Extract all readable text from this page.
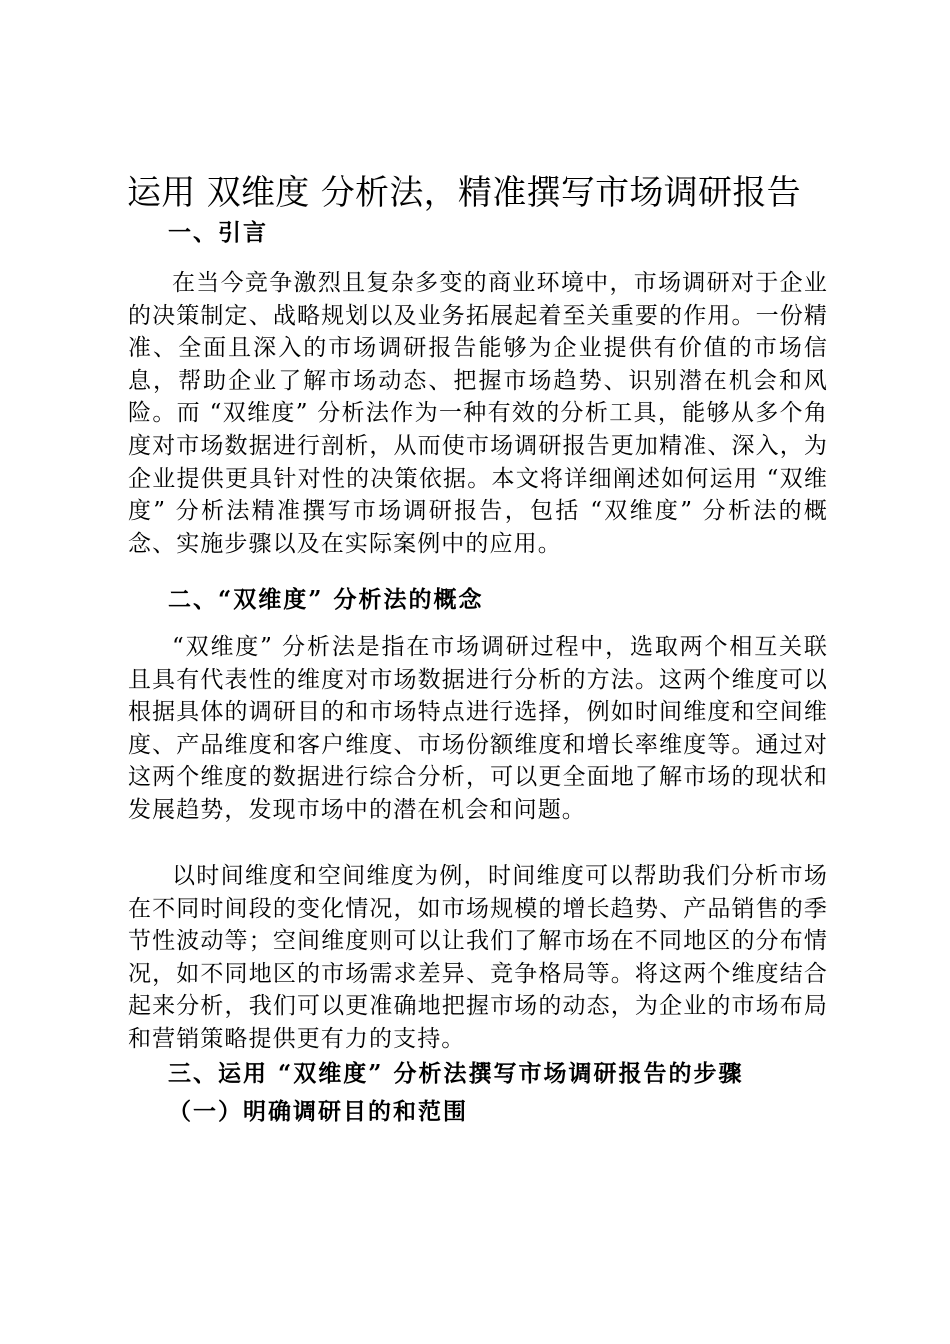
运用 双维度 分析法，精准撰写市场调研报告
一、引言

在当今竞争激烈且复杂多变的商业环境中，市场调研对于企业的决策制定、战略规划以及业务拓展起着至关重要的作用。一份精准、全面且深入的市场调研报告能够为企业提供有价值的市场信息，帮助企业了解市场动态、把握市场趋势、识别潜在机会和风险。而 “双维度” 分析法作为一种有效的分析工具，能够从多个角度对市场数据进行剖析，从而使市场调研报告更加精准、深入，为企业提供更具针对性的决策依据。本文将详细阐述如何运用 “双维度” 分析法精准撰写市场调研报告，包括 “双维度” 分析法的概念、实施步骤以及在实际案例中的应用。

二、“双维度” 分析法的概念

“双维度” 分析法是指在市场调研过程中，选取两个相互关联且具有代表性的维度对市场数据进行分析的方法。这两个维度可以根据具体的调研目的和市场特点进行选择，例如时间维度和空间维度、产品维度和客户维度、市场份额维度和增长率维度等。通过对这两个维度的数据进行综合分析，可以更全面地了解市场的现状和发展趋势，发现市场中的潜在机会和问题。

以时间维度和空间维度为例，时间维度可以帮助我们分析市场在不同时间段的变化情况，如市场规模的增长趋势、产品销售的季节性波动等；空间维度则可以让我们了解市场在不同地区的分布情况，如不同地区的市场需求差异、竞争格局等。将这两个维度结合起来分析，我们可以更准确地把握市场的动态，为企业的市场布局和营销策略提供更有力的支持。

三、运用 “双维度” 分析法撰写市场调研报告的步骤
（一）明确调研目的和范围
